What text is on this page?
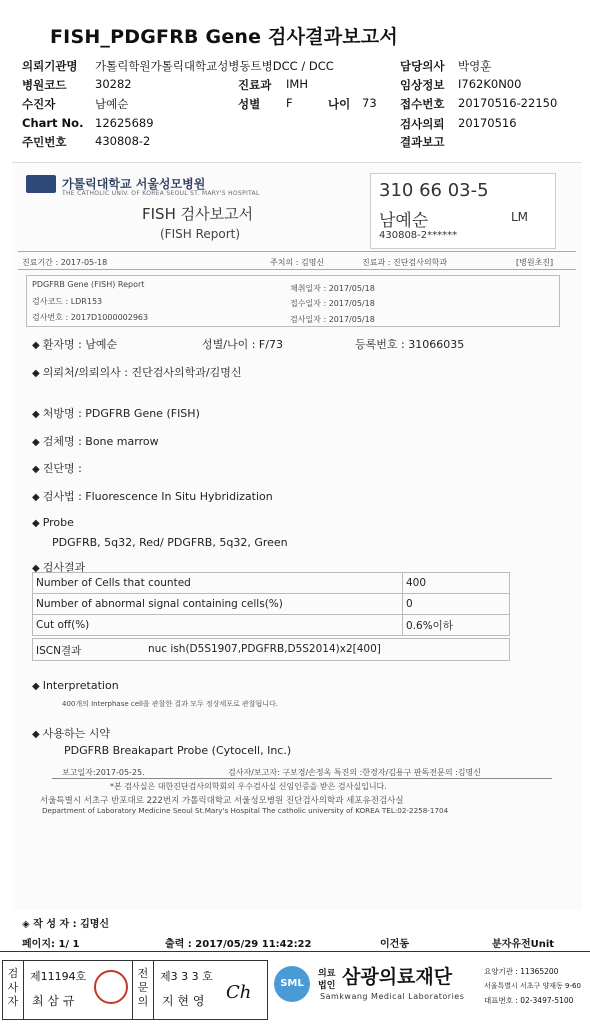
FISH_PDGFRB Gene 검사결과보고서
의뢰기관명 가톨릭학원가톨릭대학교성병동트병DCC / DCC	담당의사 박영훈
병원코드 30282	진료과 IMH	임상정보 I762K0N00
수진자	남예순	성별 F	나이 73 접수번호 20170516-22150
Chart No. 12625689	검사의뢰 20170516
주민번호 430808-2	결과보고
가톨릭대학교 서울성모병원
THE CATHOLIC UNIV. OF KOREA SEOUL ST. MARY'S HOSPITAL
FISH 검사보고서
(FISH Report)
310 66 03-5
남예순	LM
430808-2******
진료기간 : 2017-05-18	주치의 : 김명신	진료과 : 진단검사의학과	[병원초진]
PDGFRB Gene (FISH) Report
검사코드 : LDR153
검사번호 : 2017D1000002963
채취일자 : 2017/05/18
접수일자 : 2017/05/18
검사일자 : 2017/05/18
◆ 환자명 : 남예순	성별/나이 : F/73	등록번호 : 31066035
◆ 의뢰처/의뢰의사 : 진단검사의학과/김명신
◆ 처방명 : PDGFRB Gene (FISH)
◆ 검체명 : Bone marrow
◆ 진단명 :
◆ 검사법 : Fluorescence In Situ Hybridization
◆ Probe
PDGFRB, 5q32, Red/ PDGFRB, 5q32, Green
◆ 검사결과
Number of Cells that counted	400
Number of abnormal signal containing cells(%)	0
Cut off(%)	0.6%이하
ISCN결과	nuc ish(D5S1907,PDGFRB,D5S2014)x2[400]
◆ Interpretation
400개의 Interphase cell을 관찰한 결과 모두 정상세포로 관찰됩니다.
◆ 사용하는 시약
PDGFRB Breakapart Probe (Cytocell, Inc.)
보고일자:2017-05-25.	검사자/보고자: 구보경/손정옥 특진의 :한경자/김용구 판독전문의 :김명신
*본 검사실은 대한진단검사의학회의 우수검사실 신임인증을 받은 검사실입니다.
서울특별시 서초구 반포대로 222번지 가톨릭대학교 서울성모병원 진단검사의학과 세포유전검사실
Department of Laboratory Medicine Seoul St.Mary's Hospital The catholic university of KOREA TEL:02-2258-1704
◈ 작 성 자 : 김명신
페이지: 1/ 1	출력 : 2017/05/29 11:42:22	이건동	분자유전Unit
검
사
자
제11194호
최 삼 규
전
문
의
제3 3 3 호
지 현 영 Ch	SML
의료
법인 삼광의료재단
Samkwang Medical Laboratories
요양기관 : 11365200
서울특별시 서초구 양재동 9-60
대표번호 : 02-3497-5100
